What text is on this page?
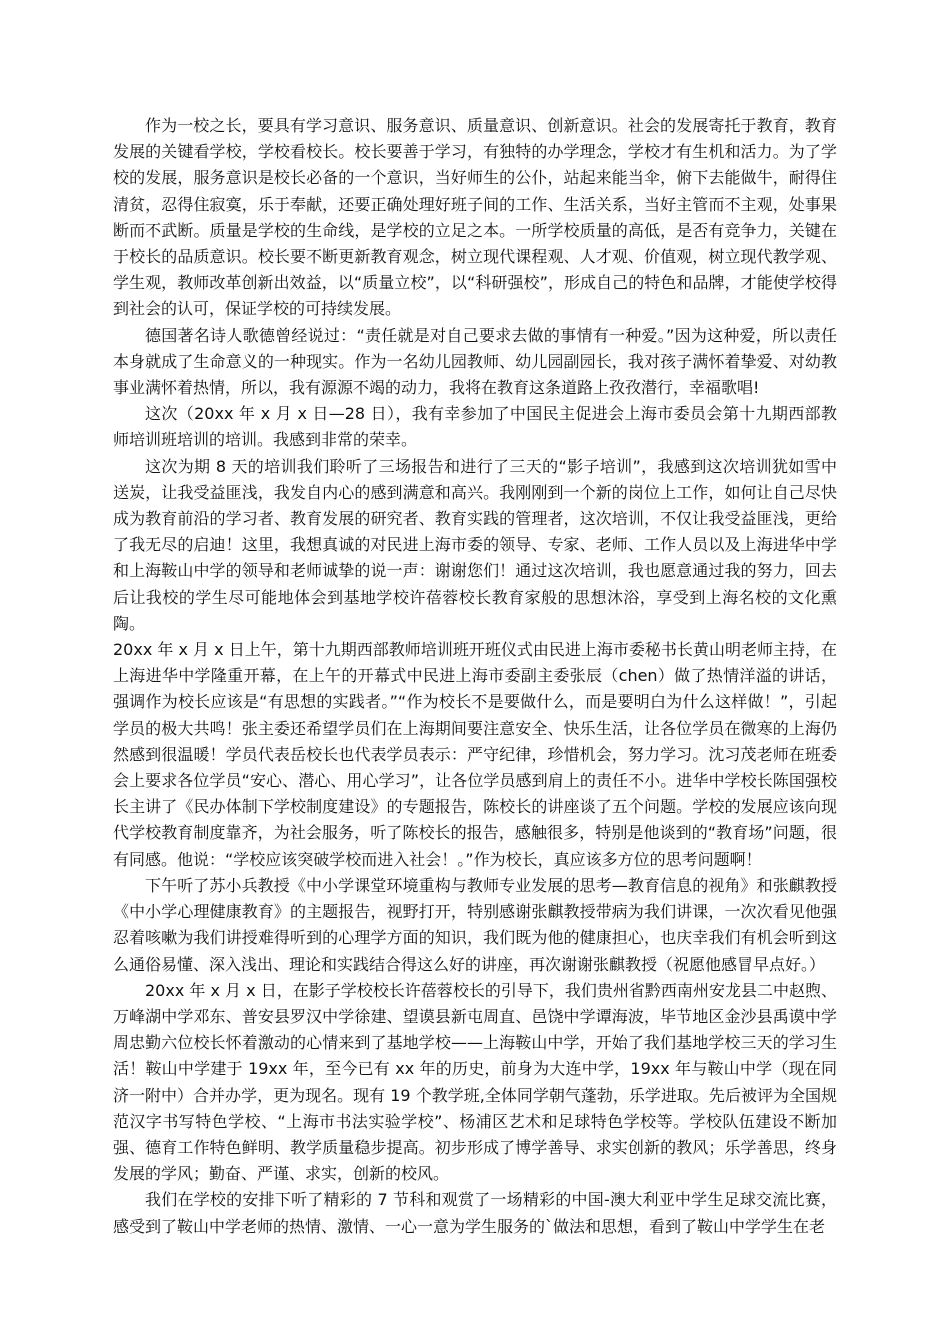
作为一校之长，要具有学习意识、服务意识、质量意识、创新意识。社会的发展寄托于教育，教育发展的关键看学校，学校看校长。校长要善于学习，有独特的办学理念，学校才有生机和活力。为了学校的发展，服务意识是校长必备的一个意识，当好师生的公仆，站起来能当伞，俯下去能做牛，耐得住清贫，忍得住寂寞，乐于奉献，还要正确处理好班子间的工作、生活关系，当好主管而不主观，处事果断而不武断。质量是学校的生命线，是学校的立足之本。一所学校质量的高低，是否有竞争力，关键在于校长的品质意识。校长要不断更新教育观念，树立现代课程观、人才观、价值观，树立现代教学观、学生观，教师改革创新出效益，以“质量立校”，以“科研强校”，形成自己的特色和品牌，才能使学校得到社会的认可，保证学校的可持续发展。

德国著名诗人歌德曾经说过：“责任就是对自己要求去做的事情有一种爱。”因为这种爱，所以责任本身就成了生命意义的一种现实。作为一名幼儿园教师、幼儿园副园长，我对孩子满怀着挚爱、对幼教事业满怀着热情，所以，我有源源不竭的动力，我将在教育这条道路上孜孜潜行，幸福歌唱!

这次（20xx 年 x 月 x 日—28 日），我有幸参加了中国民主促进会上海市委员会第十九期西部教师培训班培训的培训。我感到非常的荣幸。

这次为期 8 天的培训我们聆听了三场报告和进行了三天的“影子培训”，我感到这次培训犹如雪中送炭，让我受益匪浅，我发自内心的感到满意和高兴。我刚刚到一个新的岗位上工作，如何让自己尽快成为教育前沿的学习者、教育发展的研究者、教育实践的管理者，这次培训，不仅让我受益匪浅，更给了我无尽的启迪！这里，我想真诚的对民进上海市委的领导、专家、老师、工作人员以及上海进华中学和上海鞍山中学的领导和老师诚挚的说一声：谢谢您们！通过这次培训，我也愿意通过我的努力，回去后让我校的学生尽可能地体会到基地学校许蓓蓉校长教育家般的思想沐浴，享受到上海名校的文化熏陶。

20xx 年 x 月 x 日上午，第十九期西部教师培训班开班仪式由民进上海市委秘书长黄山明老师主持，在上海进华中学隆重开幕，在上午的开幕式中民进上海市委副主委张辰（chen）做了热情洋溢的讲话，强调作为校长应该是“有思想的实践者。”“作为校长不是要做什么，而是要明白为什么这样做！”，引起学员的极大共鸣！张主委还希望学员们在上海期间要注意安全、快乐生活，让各位学员在微寒的上海仍然感到很温暖！学员代表岳校长也代表学员表示：严守纪律，珍惜机会，努力学习。沈习茂老师在班委会上要求各位学员“安心、潜心、用心学习”，让各位学员感到肩上的责任不小。进华中学校长陈国强校长主讲了《民办体制下学校制度建设》的专题报告，陈校长的讲座谈了五个问题。学校的发展应该向现代学校教育制度靠齐，为社会服务，听了陈校长的报告，感触很多，特别是他谈到的“教育场”问题，很有同感。他说：“学校应该突破学校而进入社会！。”作为校长，真应该多方位的思考问题啊！

下午听了苏小兵教授《中小学课堂环境重构与教师专业发展的思考—教育信息的视角》和张麒教授《中小学心理健康教育》的主题报告，视野打开，特别感谢张麒教授带病为我们讲课，一次次看见他强忍着咳嗽为我们讲授难得听到的心理学方面的知识，我们既为他的健康担心，也庆幸我们有机会听到这么通俗易懂、深入浅出、理论和实践结合得这么好的讲座，再次谢谢张麒教授（祝愿他感冒早点好。）

20xx 年 x 月 x 日，在影子学校校长许蓓蓉校长的引导下，我们贵州省黔西南州安龙县二中赵煦、万峰湖中学邓东、普安县罗汉中学徐建、望谟县新屯周直、邑饶中学谭海波，毕节地区金沙县禹谟中学周忠勤六位校长怀着激动的心情来到了基地学校——上海鞍山中学，开始了我们基地学校三天的学习生活！鞍山中学建于 19xx 年，至今已有 xx 年的历史，前身为大连中学，19xx 年与鞍山中学（现在同济一附中）合并办学，更为现名。现有 19 个教学班,全体同学朝气蓬勃，乐学进取。先后被评为全国规范汉字书写特色学校、“上海市书法实验学校”、杨浦区艺术和足球特色学校等。学校队伍建设不断加强、德育工作特色鲜明、教学质量稳步提高。初步形成了博学善导、求实创新的教风；乐学善思，终身发展的学风；勤奋、严谨、求实，创新的校风。

我们在学校的安排下听了精彩的 7 节科和观赏了一场精彩的中国-澳大利亚中学生足球交流比赛，感受到了鞍山中学老师的热情、激情、一心一意为学生服务的`做法和思想，看到了鞍山中学学生在老
